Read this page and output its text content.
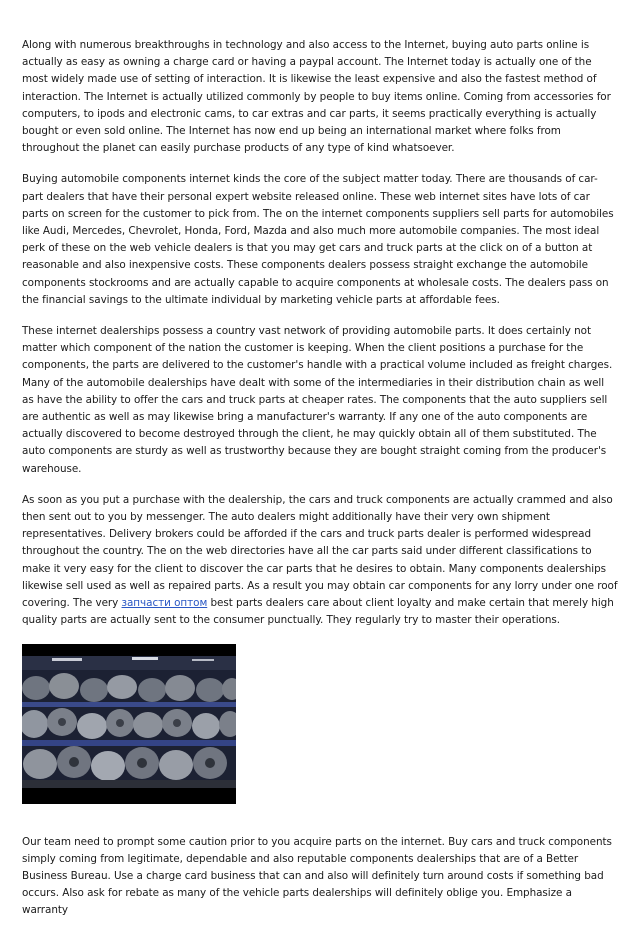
Along with numerous breakthroughs in technology and also access to the Internet, buying auto parts online is actually as easy as owning a charge card or having a paypal account. The Internet today is actually one of the most widely made use of setting of interaction. It is likewise the least expensive and also the fastest method of interaction. The Internet is actually utilized commonly by people to buy items online. Coming from accessories for computers, to ipods and electronic cams, to car extras and car parts, it seems practically everything is actually bought or even sold online. The Internet has now end up being an international market where folks from throughout the planet can easily purchase products of any type of kind whatsoever.

Buying automobile components internet kinds the core of the subject matter today. There are thousands of car-part dealers that have their personal expert website released online. These web internet sites have lots of car parts on screen for the customer to pick from. The on the internet components suppliers sell parts for automobiles like Audi, Mercedes, Chevrolet, Honda, Ford, Mazda and also much more automobile companies. The most ideal perk of these on the web vehicle dealers is that you may get cars and truck parts at the click on of a button at reasonable and also inexpensive costs. These components dealers possess straight exchange the automobile components stockrooms and are actually capable to acquire components at wholesale costs. The dealers pass on the financial savings to the ultimate individual by marketing vehicle parts at affordable fees.

These internet dealerships possess a country vast network of providing automobile parts. It does certainly not matter which component of the nation the customer is keeping. When the client positions a purchase for the components, the parts are delivered to the customer's handle with a practical volume included as freight charges. Many of the automobile dealerships have dealt with some of the intermediaries in their distribution chain as well as have the ability to offer the cars and truck parts at cheaper rates. The components that the auto suppliers sell are authentic as well as may likewise bring a manufacturer's warranty. If any one of the auto components are actually discovered to become destroyed through the client, he may quickly obtain all of them substituted. The auto components are sturdy as well as trustworthy because they are bought straight coming from the producer's warehouse.

As soon as you put a purchase with the dealership, the cars and truck components are actually crammed and also then sent out to you by messenger. The auto dealers might additionally have their very own shipment representatives. Delivery brokers could be afforded if the cars and truck parts dealer is performed widespread throughout the country. The on the web directories have all the car parts said under different classifications to make it very easy for the client to discover the car parts that he desires to obtain. Many components dealerships likewise sell used as well as repaired parts. As a result you may obtain car components for any lorry under one roof covering. The very запчасти оптом best parts dealers care about client loyalty and make certain that merely high quality parts are actually sent to the consumer punctually. They regularly try to master their operations.

Our team need to prompt some caution prior to you acquire parts on the internet. Buy cars and truck components simply coming from legitimate, dependable and also reputable components dealerships that are of a Better Business Bureau. Use a charge card business that can and also will definitely turn around costs if something bad occurs. Also ask for rebate as many of the vehicle parts dealerships will definitely oblige you. Emphasize a warranty
